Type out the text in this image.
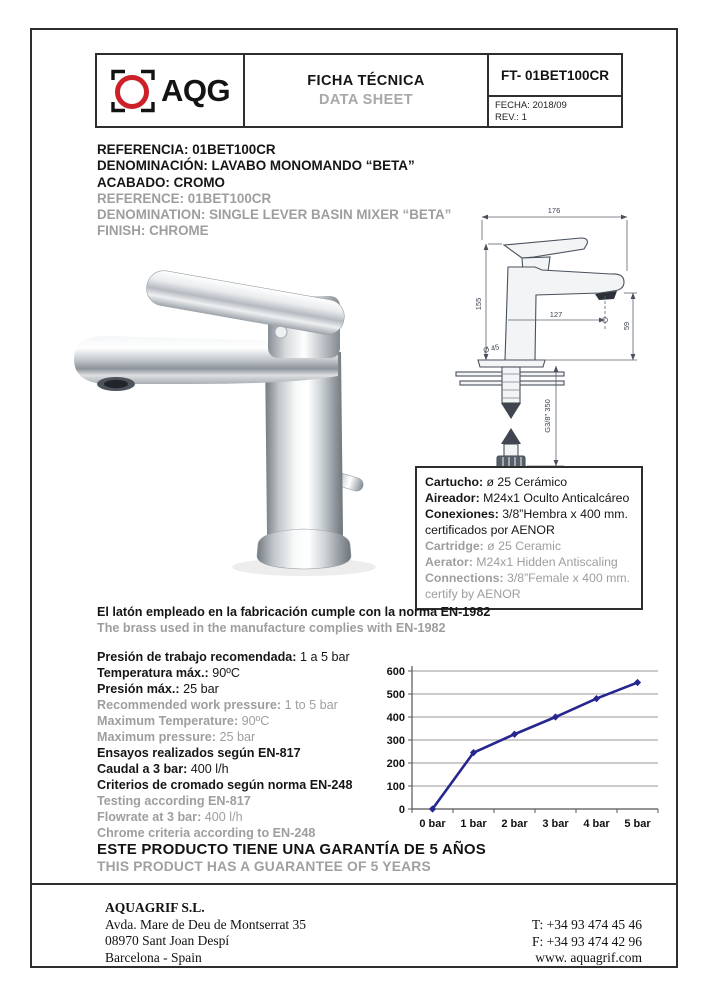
AQG	FICHA TÉCNICA
DATA SHEET
FT- 01BET100CR
FECHA: 2018/09
REV.: 1
REFERENCIA: 01BET100CR
DENOMINACIÓN: LAVABO MONOMANDO “BETA”
ACABADO: CROMO
REFERENCE: 01BET100CR
DENOMINATION: SINGLE LEVER BASIN MIXER “BETA”
FINISH: CHROME
176
155
127
59
Ø 45
G3/8" 350
Cartucho: ø 25 Cerámico
Aireador: M24x1 Oculto Anticalcáreo
Conexiones: 3/8”Hembra x 400 mm. certificados por AENOR
Cartridge: ø 25 Ceramic
Aerator: M24x1 Hidden Antiscaling
Connections: 3/8”Female x 400 mm. certify by AENOR
El latón empleado en la fabricación cumple con la norma EN-1982
The brass used in the manufacture complies with EN-1982
Presión de trabajo recomendada: 1 a 5 bar
Temperatura máx.: 90ºC
Presión máx.: 25 bar
Recommended work pressure: 1 to 5 bar
Maximum Temperature: 90ºC
Maximum pressure: 25 bar
Ensayos realizados según EN-817
Caudal a 3 bar: 400 l/h
Criterios de cromado según norma EN-248
Testing according EN-817
Flowrate at 3 bar: 400 l/h
Chrome criteria according to EN-248
0
100
200
300
400
500
600
0 bar 1 bar 2 bar 3 bar 4 bar 5 bar
ESTE PRODUCTO TIENE UNA GARANTÍA DE 5 AÑOS
THIS PRODUCT HAS A GUARANTEE OF 5 YEARS
AQUAGRIF S.L.
Avda. Mare de Deu de Montserrat 35
08970 Sant Joan Despí
Barcelona - Spain
T: +34 93 474 45 46
F: +34 93 474 42 96
www. aquagrif.com
